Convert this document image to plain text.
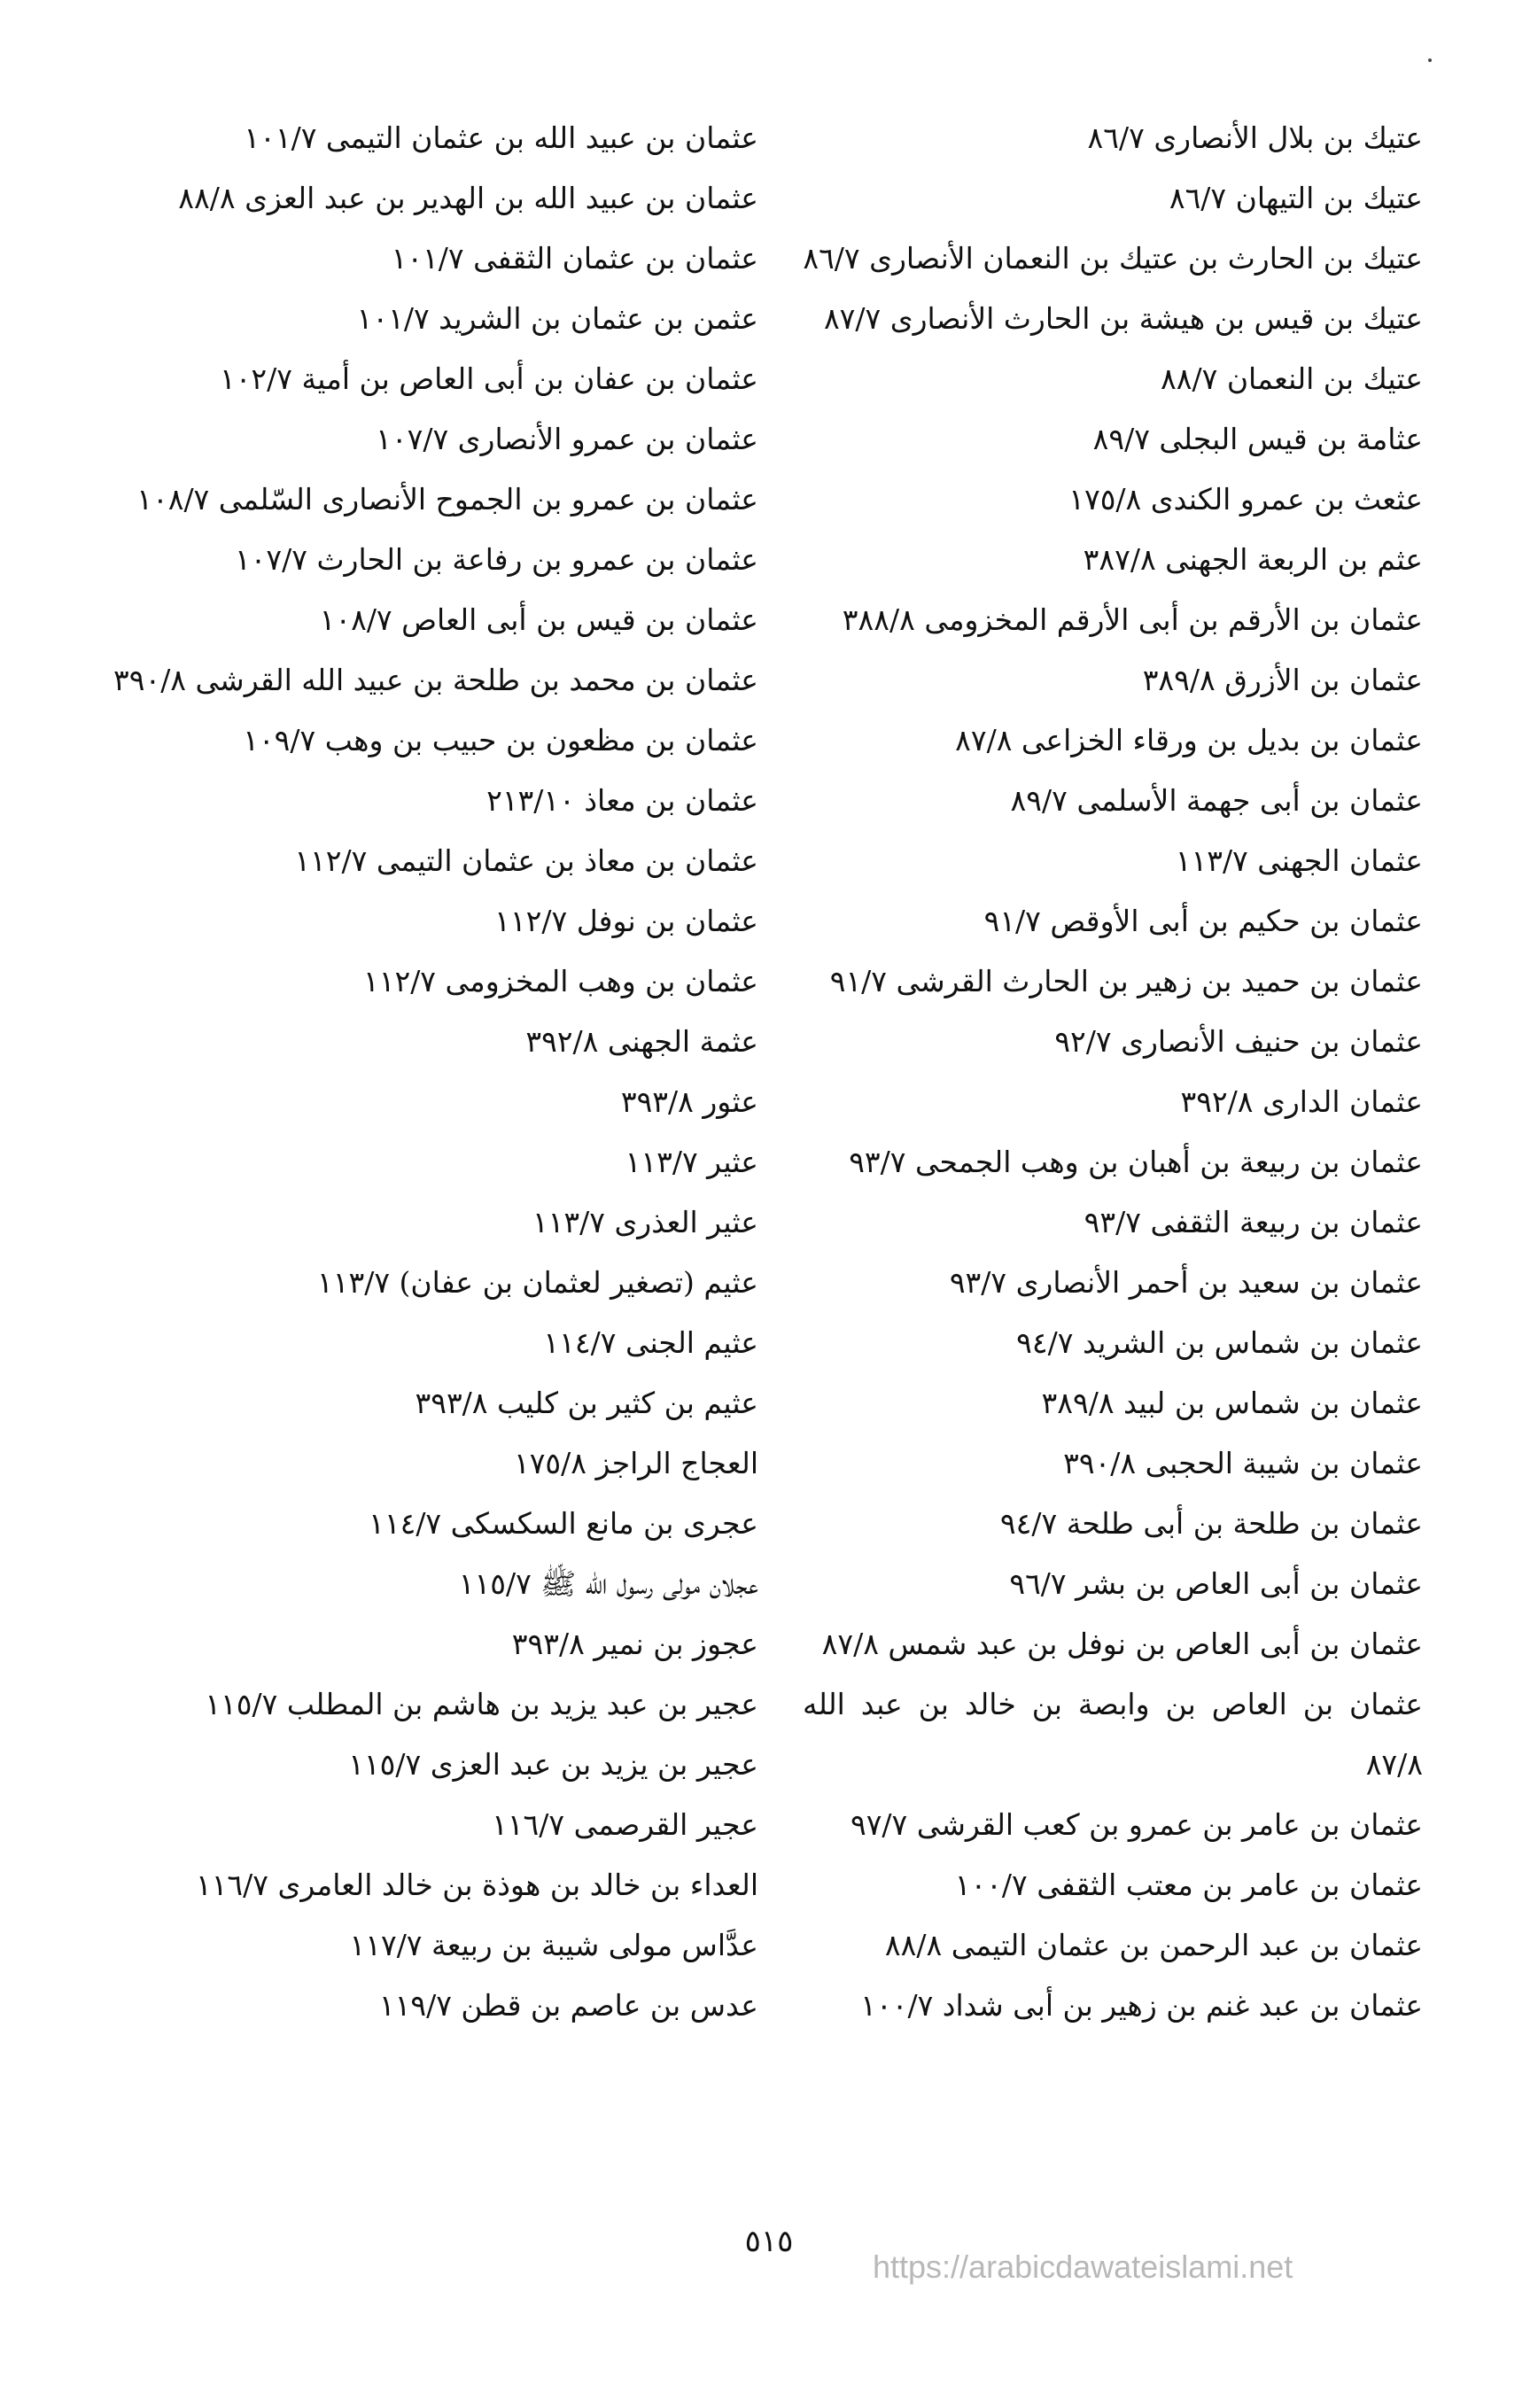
عتيك بن بلال الأنصارى ٨٦/٧
عتيك بن التيهان ٨٦/٧
عتيك بن الحارث بن عتيك بن النعمان الأنصارى ٨٦/٧
عتيك بن قيس بن هيشة بن الحارث الأنصارى ٨٧/٧
عتيك بن النعمان ٨٨/٧
عثامة بن قيس البجلى ٨٩/٧
عثعث بن عمرو الكندى ١٧٥/٨
عثم بن الربعة الجهنى ٣٨٧/٨
عثمان بن الأرقم بن أبى الأرقم المخزومى ٣٨٨/٨
عثمان بن الأزرق ٣٨٩/٨
عثمان بن بديل بن ورقاء الخزاعى ٨٧/٨
عثمان بن أبى جهمة الأسلمى ٨٩/٧
عثمان الجهنى ١١٣/٧
عثمان بن حكيم بن أبى الأوقص ٩١/٧
عثمان بن حميد بن زهير بن الحارث القرشى ٩١/٧
عثمان بن حنيف الأنصارى ٩٢/٧
عثمان الدارى ٣٩٢/٨
عثمان بن ربيعة بن أهبان بن وهب الجمحى ٩٣/٧
عثمان بن ربيعة الثقفى ٩٣/٧
عثمان بن سعيد بن أحمر الأنصارى ٩٣/٧
عثمان بن شماس بن الشريد ٩٤/٧
عثمان بن شماس بن لبيد ٣٨٩/٨
عثمان بن شيبة الحجبى ٣٩٠/٨
عثمان بن طلحة بن أبى طلحة ٩٤/٧
عثمان بن أبى العاص بن بشر ٩٦/٧
عثمان بن أبى العاص بن نوفل بن عبد شمس ٨٧/٨
عثمان بن العاص بن وابصة بن خالد بن عبد الله ٨٧/٨
عثمان بن عامر بن عمرو بن كعب القرشى ٩٧/٧
عثمان بن عامر بن معتب الثقفى ١٠٠/٧
عثمان بن عبد الرحمن بن عثمان التيمى ٨٨/٨
عثمان بن عبد غنم بن زهير بن أبى شداد ١٠٠/٧
عثمان بن عبيد الله بن عثمان التيمى ١٠١/٧
عثمان بن عبيد الله بن الهدير بن عبد العزى ٨٨/٨
عثمان بن عثمان الثقفى ١٠١/٧
عثمن بن عثمان بن الشريد ١٠١/٧
عثمان بن عفان بن أبى العاص بن أمية ١٠٢/٧
عثمان بن عمرو الأنصارى ١٠٧/٧
عثمان بن عمرو بن الجموح الأنصارى السّلمى ١٠٨/٧
عثمان بن عمرو بن رفاعة بن الحارث ١٠٧/٧
عثمان بن قيس بن أبى العاص ١٠٨/٧
عثمان بن محمد بن طلحة بن عبيد الله القرشى ٣٩٠/٨
عثمان بن مظعون بن حبيب بن وهب ١٠٩/٧
عثمان بن معاذ ٢١٣/١٠
عثمان بن معاذ بن عثمان التيمى ١١٢/٧
عثمان بن نوفل ١١٢/٧
عثمان بن وهب المخزومى ١١٢/٧
عثمة الجهنى ٣٩٢/٨
عثور ٣٩٣/٨
عثير ١١٣/٧
عثير العذرى ١١٣/٧
عثيم (تصغير لعثمان بن عفان) ١١٣/٧
عثيم الجنى ١١٤/٧
عثيم بن كثير بن كليب ٣٩٣/٨
العجاج الراجز ١٧٥/٨
عجرى بن مانع السكسكى ١١٤/٧
عجلان مولى رسول الله ﷺ ١١٥/٧
عجوز بن نمير ٣٩٣/٨
عجير بن عبد يزيد بن هاشم بن المطلب ١١٥/٧
عجير بن يزيد بن عبد العزى ١١٥/٧
عجير القرصمى ١١٦/٧
العداء بن خالد بن هوذة بن خالد العامرى ١١٦/٧
عدَّاس مولى شيبة بن ربيعة ١١٧/٧
عدس بن عاصم بن قطن ١١٩/٧
٥١٥
https://arabicdawateislami.net
